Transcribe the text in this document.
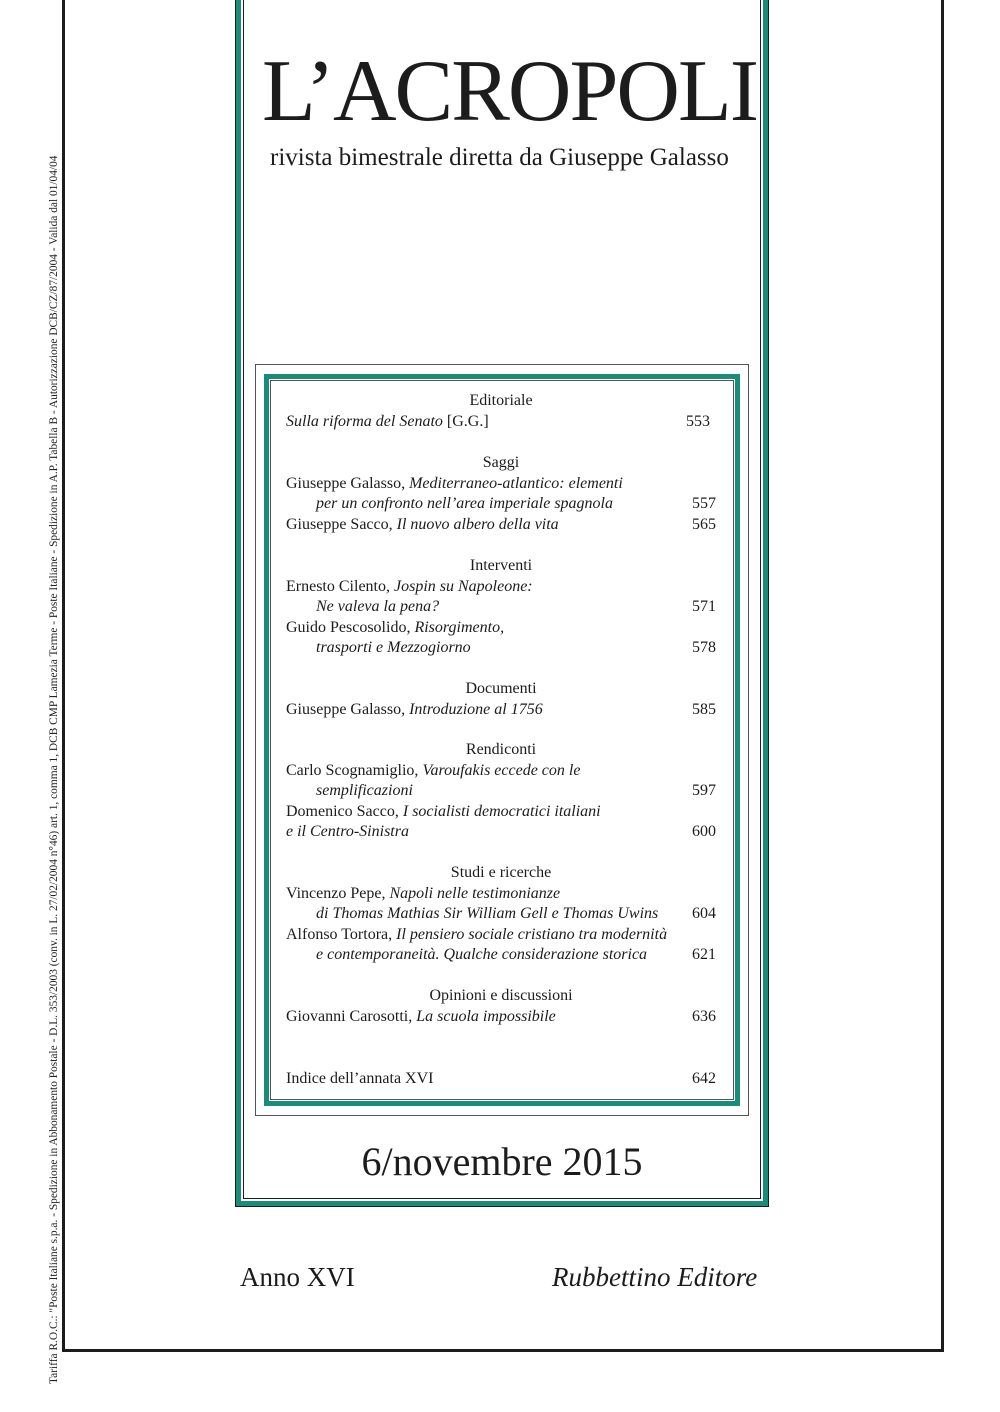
Tariffa R.O.C.: "Poste Italiane s.p.a. - Spedizione in Abbonamento Postale - D.L. 353/2003 (conv. in L. 27/02/2004 n°46) art. 1, comma 1, DCB CMP Lamezia Terme - Poste Italiane - Spedizione in A.P. Tabella B - Autorizzazione DCB/CZ/87/2004 - Valida dal 01/04/04
L’ACROPOLI
rivista bimestrale diretta da Giuseppe Galasso
Editoriale
Sulla riforma del Senato [G.G.]	553
Saggi
Giuseppe Galasso, Mediterraneo-atlantico: elementi
per un confronto nell’area imperiale spagnola	557
Giuseppe Sacco, Il nuovo albero della vita	565
Interventi
Ernesto Cilento, Jospin su Napoleone:
Ne valeva la pena?	571
Guido Pescosolido, Risorgimento,
trasporti e Mezzogiorno	578
Documenti
Giuseppe Galasso, Introduzione al 1756	585
Rendiconti
Carlo Scognamiglio, Varoufakis eccede con le
semplificazioni	597
Domenico Sacco, I socialisti democratici italiani
e il Centro-Sinistra	600
Studi e ricerche
Vincenzo Pepe, Napoli nelle testimonianze
di Thomas Mathias Sir William Gell e Thomas Uwins 604
Alfonso Tortora, Il pensiero sociale cristiano tra modernità
e contemporaneità. Qualche considerazione storica	621
Opinioni e discussioni
Giovanni Carosotti, La scuola impossibile	636
Indice dell’annata XVI	642
6/novembre 2015
Anno XVI	Rubbettino Editore
